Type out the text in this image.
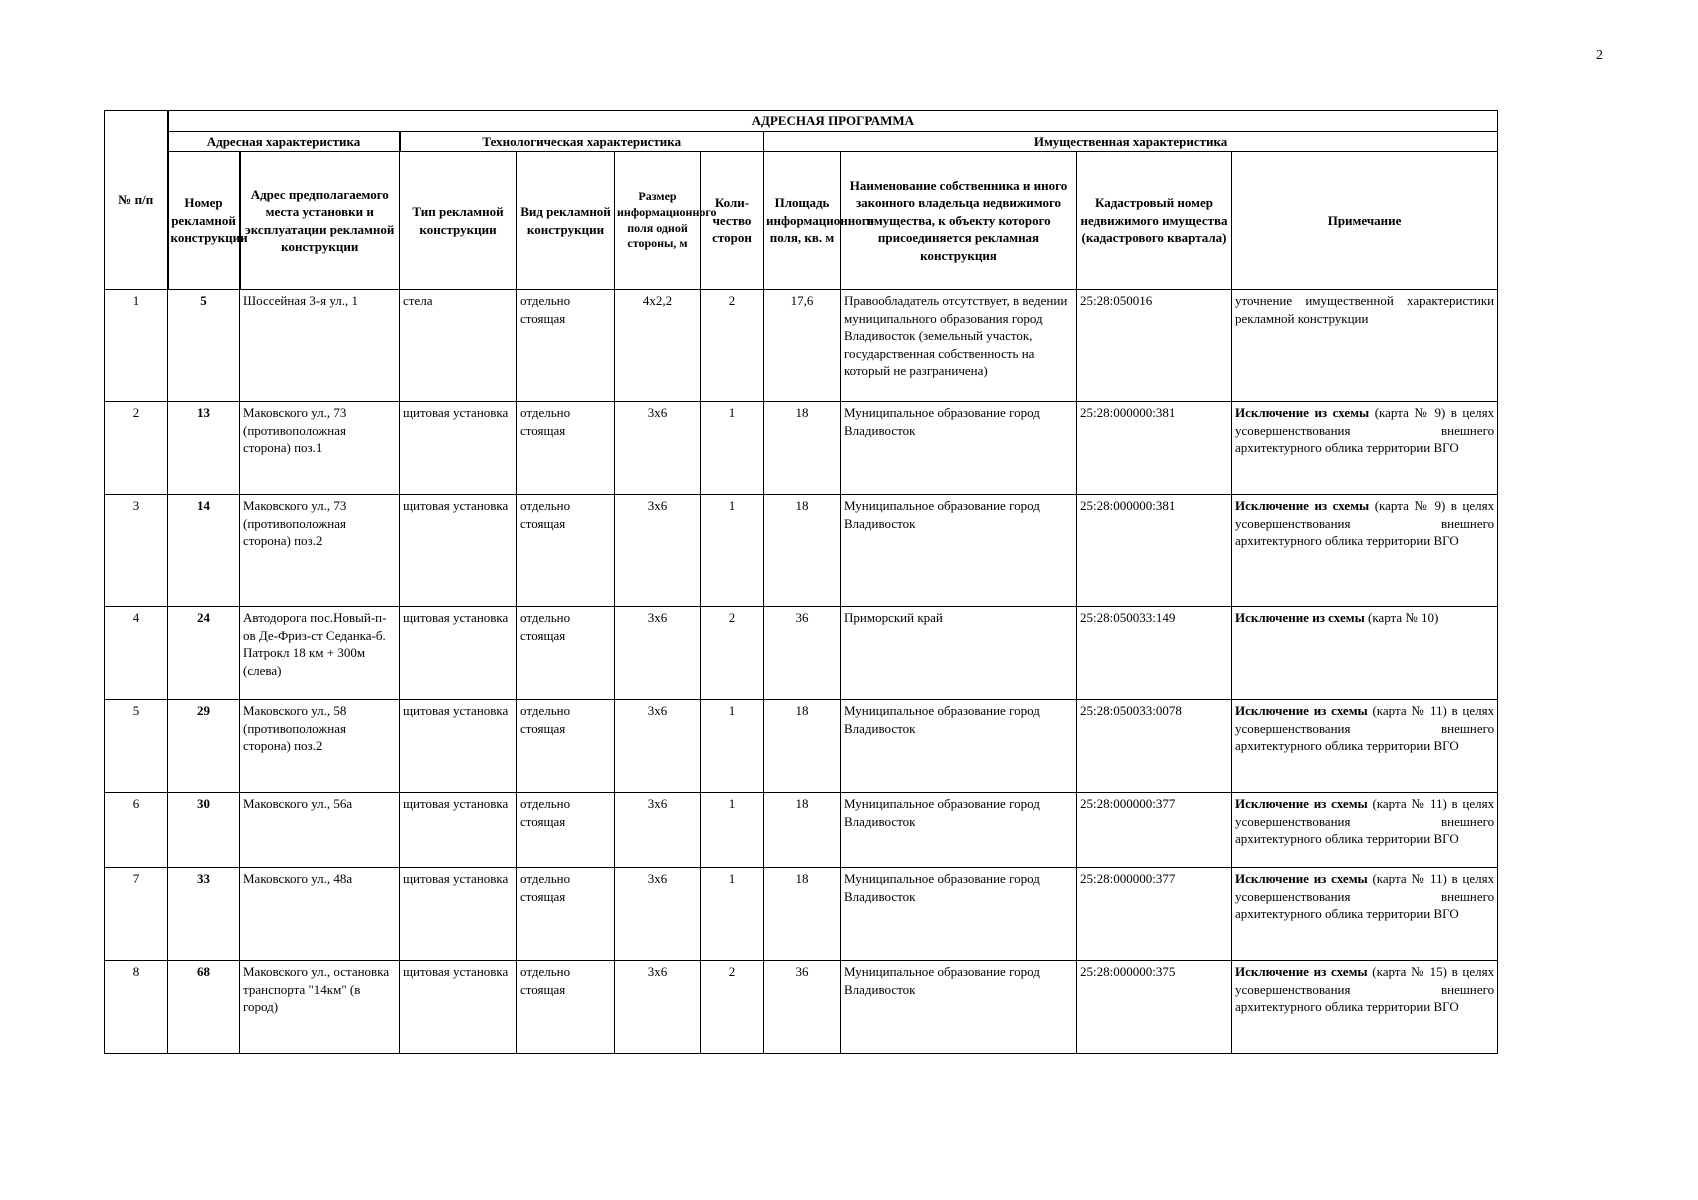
2
№ п/п	АДРЕСНАЯ ПРОГРАММА										
	Адресная характеристика		Технологическая характеристика				Имущественная характеристика				
	Номер рекламной конструкции	Адрес предполагаемого места установки и эксплуатации рекламной конструкции	Тип рекламной конструкции	Вид рекламной конструкции	Размер информационного поля одной стороны, м	Коли-чество сторон	Площадь информационного поля, кв. м	Наименование собственника и иного законного владельца недвижимого имущества, к объекту которого присоединяется рекламная конструкция	Кадастровый номер недвижимого имущества (кадастрового квартала)	Примечание	
1	5	Шоссейная 3-я ул., 1	стела	отдельно стоящая	4х2,2	2	17,6	Правообладатель отсутствует, в ведении муниципального образования город Владивосток (земельный участок, государственная собственность на который не разграничена)	25:28:050016	уточнение имущественной характеристики рекламной конструкции	
2	13	Маковского ул., 73 (противоположная сторона) поз.1	щитовая установка	отдельно стоящая	3х6	1	18	Муниципальное образование город Владивосток	25:28:000000:381	Исключение из схемы (карта № 9) в целях усовершенствования внешнего архитектурного облика территории ВГО	
3	14	Маковского ул., 73 (противоположная сторона) поз.2	щитовая установка	отдельно стоящая	3х6	1	18	Муниципальное образование город Владивосток	25:28:000000:381	Исключение из схемы (карта № 9) в целях усовершенствования внешнего архитектурного облика территории ВГО	
4	24	Автодорога пос.Новый-п-ов Де-Фриз-ст Седанка-б. Патрокл 18 км + 300м (слева)	щитовая установка	отдельно стоящая	3х6	2	36	Приморский край	25:28:050033:149	Исключение из схемы (карта № 10)	
5	29	Маковского ул., 58 (противоположная сторона) поз.2	щитовая установка	отдельно стоящая	3х6	1	18	Муниципальное образование город Владивосток	25:28:050033:0078	Исключение из схемы (карта № 11) в целях усовершенствования внешнего архитектурного облика территории ВГО	
6	30	Маковского ул., 56а	щитовая установка	отдельно стоящая	3х6	1	18	Муниципальное образование город Владивосток	25:28:000000:377	Исключение из схемы (карта № 11) в целях усовершенствования внешнего архитектурного облика территории ВГО	
7	33	Маковского ул., 48а	щитовая установка	отдельно стоящая	3х6	1	18	Муниципальное образование город Владивосток	25:28:000000:377	Исключение из схемы (карта № 11) в целях усовершенствования внешнего архитектурного облика территории ВГО	
8	68	Маковского ул., остановка транспорта "14км" (в город)	щитовая установка	отдельно стоящая	3х6	2	36	Муниципальное образование город Владивосток	25:28:000000:375	Исключение из схемы (карта № 15) в целях усовершенствования внешнего архитектурного облика территории ВГО	
